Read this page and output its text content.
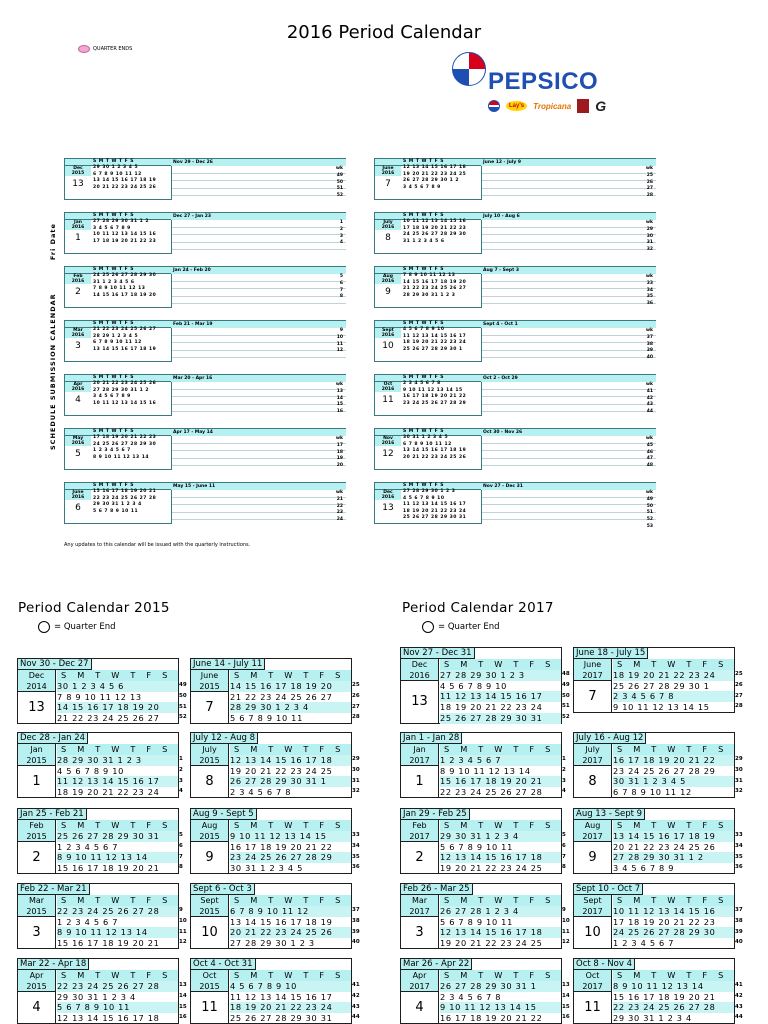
2016 Period Calendar
QUARTER ENDS
PEPSICO
Lay's	Tropicana G
SCHEDULE SUBMISSION CALENDAR Fri Date
Dec
2015
13
S M T W T F S
29 30 1 2 3 4 5
6 7 8 9 10 11 12
13 14 15 16 17 18 19
20 21 22 23 24 25 26
Nov 29 - Dec 26
wk
49
50
51
52
Jan
2016
1
S M T W T F S
27 28 29 30 31 1 2
3 4 5 6 7 8 9
10 11 12 13 14 15 16
17 18 19 20 21 22 23
Dec 27 - Jan 23
1
2
3
4
Feb
2016
2
S M T W T F S
24 25 26 27 28 29 30
31 1 2 3 4 5 6
7 8 9 10 11 12 13
14 15 16 17 18 19 20
Jan 24 - Feb 20
5
6
7
8
Mar
2016
3
S M T W T F S
21 22 23 24 25 26 27
28 29 1 2 3 4 5
6 7 8 9 10 11 12
13 14 15 16 17 18 19
Feb 21 - Mar 19
9
10
11
12
Apr
2016
4
S M T W T F S
20 21 22 23 24 25 26
27 28 29 30 31 1 2
3 4 5 6 7 8 9
10 11 12 13 14 15 16
Mar 20 - Apr 16
wk
13
14
15
16
May
2016
5
S M T W T F S
17 18 19 20 21 22 23
24 25 26 27 28 29 30
1 2 3 4 5 6 7
8 9 10 11 12 13 14
Apr 17 - May 14
wk
17
18
19
20
June
2016
6
S M T W T F S
15 16 17 18 19 20 21
22 23 24 25 26 27 28
29 30 31 1 2 3 4
5 6 7 8 9 10 11
May 15 - June 11
wk
21
22
23
24
June
2016
7
S M T W T F S
12 13 14 15 16 17 18
19 20 21 22 23 24 25
26 27 28 29 30 1 2
3 4 5 6 7 8 9
June 12 - July 9
wk
25
26
27
28
July
2016
8
S M T W T F S
10 11 12 13 14 15 16
17 18 19 20 21 22 23
24 25 26 27 28 29 30
31 1 2 3 4 5 6
July 10 - Aug 6
wk
29
30
31
32
Aug
2016
9
S M T W T F S
7 8 9 10 11 12 13
14 15 16 17 18 19 20
21 22 23 24 25 26 27
28 29 30 31 1 2 3
Aug 7 - Sept 3
wk
33
34
35
36
Sept
2016
10
S M T W T F S
4 5 6 7 8 9 10
11 12 13 14 15 16 17
18 19 20 21 22 23 24
25 26 27 28 29 30 1
Sept 4 - Oct 1
wk
37
38
39
40
Oct
2016
11
S M T W T F S
2 3 4 5 6 7 8
9 10 11 12 13 14 15
16 17 18 19 20 21 22
23 24 25 26 27 28 29
Oct 2 - Oct 29
wk
41
42
43
44
Nov
2016
12
S M T W T F S
30 31 1 2 3 4 5
6 7 8 9 10 11 12
13 14 15 16 17 18 19
20 21 22 23 24 25 26
Oct 30 - Nov 26
wk
45
46
47
48
Dec
2016
13
S M T W T F S
27 28 29 30 1 2 3
4 5 6 7 8 9 10
11 12 13 14 15 16 17
18 19 20 21 22 23 24
25 26 27 28 29 30 31
Nov 27 - Dec 31
wk
49
50
51
52
53
Any updates to this calendar will be issued with the quarterly instructions.
Period Calendar 2015
= Quarter End
Period Calendar 2017
= Quarter End
Nov 30 - Dec 27
Dec
2014
13
S M T W T F S
30 1 2 3 4 5 6
7 8 9 10 11 12 13
14 15 16 17 18 19 20
21 22 23 24 25 26 27
49
50
51
52
June 14 - July 11
June
2015
7
S M T W T F S
14 15 16 17 18 19 20
21 22 23 24 25 26 27
28 29 30 1 2 3 4
5 6 7 8 9 10 11
25
26
27
28
Dec 28 - Jan 24
Jan
2015
1
S M T W T F S
28 29 30 31 1 2 3
4 5 6 7 8 9 10
11 12 13 14 15 16 17
18 19 20 21 22 23 24
1
2
3
4
July 12 - Aug 8
July
2015
8
S M T W T F S
12 13 14 15 16 17 18
19 20 21 22 23 24 25
26 27 28 29 30 31 1
2 3 4 5 6 7 8
29
30
31
32
Jan 25 - Feb 21
Feb
2015
2
S M T W T F S
25 26 27 28 29 30 31
1 2 3 4 5 6 7
8 9 10 11 12 13 14
15 16 17 18 19 20 21
5
6
7
8
Aug 9 - Sept 5
Aug
2015
9
S M T W T F S
9 10 11 12 13 14 15
16 17 18 19 20 21 22
23 24 25 26 27 28 29
30 31 1 2 3 4 5
33
34
35
36
Feb 22 - Mar 21
Mar
2015
3
S M T W T F S
22 23 24 25 26 27 28
1 2 3 4 5 6 7
8 9 10 11 12 13 14
15 16 17 18 19 20 21
9
10
11
12
Sept 6 - Oct 3
Sept
2015
10
S M T W T F S
6 7 8 9 10 11 12
13 14 15 16 17 18 19
20 21 22 23 24 25 26
27 28 29 30 1 2 3
37
38
39
40
Mar 22 - Apr 18
Apr
2015
4
S M T W T F S
22 23 24 25 26 27 28
29 30 31 1 2 3 4
5 6 7 8 9 10 11
12 13 14 15 16 17 18
13
14
15
16
Oct 4 - Oct 31
Oct
2015
11
S M T W T F S
4 5 6 7 8 9 10
11 12 13 14 15 16 17
18 19 20 21 22 23 24
25 26 27 28 29 30 31
41
42
43
44
Nov 27 - Dec 31
Dec
2016
13
S M T W T F S
27 28 29 30 1 2 3
4 5 6 7 8 9 10
11 12 13 14 15 16 17
18 19 20 21 22 23 24
25 26 27 28 29 30 31
48
49
50
51
52
June 18 - July 15
June
2017
7
S M T W T F S
18 19 20 21 22 23 24
25 26 27 28 29 30 1
2 3 4 5 6 7 8
9 10 11 12 13 14 15
25
26
27
28
Jan 1 - Jan 28
Jan
2017
1
S M T W T F S
1 2 3 4 5 6 7
8 9 10 11 12 13 14
15 16 17 18 19 20 21
22 23 24 25 26 27 28
1
2
3
4
July 16 - Aug 12
July
2017
8
S M T W T F S
16 17 18 19 20 21 22
23 24 25 26 27 28 29
30 31 1 2 3 4 5
6 7 8 9 10 11 12
29
30
31
32
Jan 29 - Feb 25
Feb
2017
2
S M T W T F S
29 30 31 1 2 3 4
5 6 7 8 9 10 11
12 13 14 15 16 17 18
19 20 21 22 23 24 25
5
6
7
8
Aug 13 - Sept 9
Aug
2017
9
S M T W T F S
13 14 15 16 17 18 19
20 21 22 23 24 25 26
27 28 29 30 31 1 2
3 4 5 6 7 8 9
33
34
35
36
Feb 26 - Mar 25
Mar
2017
3
S M T W T F S
26 27 28 1 2 3 4
5 6 7 8 9 10 11
12 13 14 15 16 17 18
19 20 21 22 23 24 25
9
10
11
12
Sept 10 - Oct 7
Sept
2017
10
S M T W T F S
10 11 12 13 14 15 16
17 18 19 20 21 22 23
24 25 26 27 28 29 30
1 2 3 4 5 6 7
37
38
39
40
Mar 26 - Apr 22
Apr
2017
4
S M T W T F S
26 27 28 29 30 31 1
2 3 4 5 6 7 8
9 10 11 12 13 14 15
16 17 18 19 20 21 22
13
14
15
16
Oct 8 - Nov 4
Oct
2017
11
S M T W T F S
8 9 10 11 12 13 14
15 16 17 18 19 20 21
22 23 24 25 26 27 28
29 30 31 1 2 3 4
41
42
43
44
